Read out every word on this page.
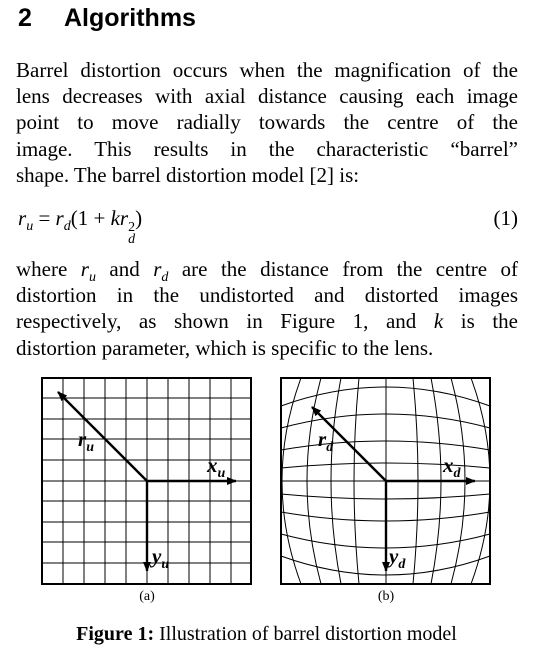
2 Algorithms
Barrel distortion occurs when the magnification of the
lens decreases with axial distance causing each image
point to move radially towards the centre of the
image. This results in the characteristic “barrel”
shape. The barrel distortion model [2] is:
$r_u = r_d(1$ + kr 2
d
)	(1)
where $r_u$ and $r_d$ are the distance from the centre of
distortion in the undistorted and distorted images
respectively, as shown in Figure 1, and k is the
distortion parameter, which is specific to the lens.
$r_u$
$x_u$
$y_u$
(a)
$r_d$
$x_d$
$y_d$
(b)
Figure 1: Illustration of barrel distortion model
